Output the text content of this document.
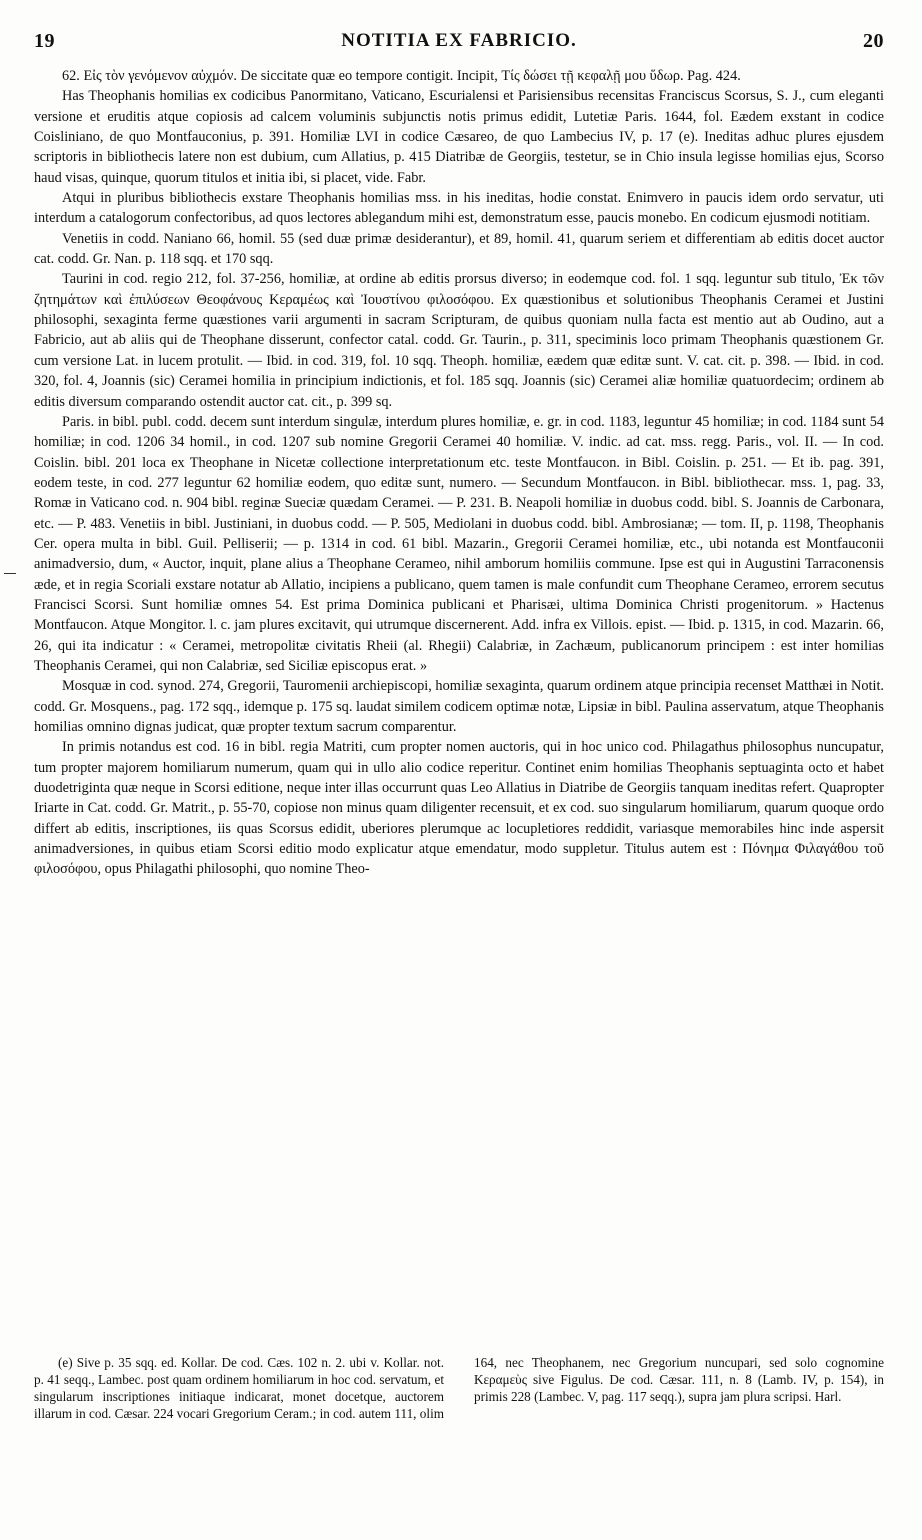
19	NOTITIA EX FABRICIO.	20

62. Εἰς τὸν γενόμενον αὐχμόν. De siccitate quæ eo tempore contigit. Incipit, Τίς δώσει τῇ κεφαλῇ μου ὕδωρ. Pag. 424.

Has Theophanis homilias ex codicibus Panormitano, Vaticano, Escurialensi et Parisiensibus recensitas Franciscus Scorsus, S. J., cum eleganti versione et eruditis atque copiosis ad calcem voluminis subjunctis notis primus edidit, Lutetiæ Paris. 1644, fol. Eædem exstant in codice Coisliniano, de quo Montfauconius, p. 391. Homiliæ LVI in codice Cæsareo, de quo Lambecius IV, p. 17 (e). Ineditas adhuc plures ejusdem scriptoris in bibliothecis latere non est dubium, cum Allatius, p. 415 Diatribæ de Georgiis, testetur, se in Chio insula legisse homilias ejus, Scorso haud visas, quinque, quorum titulos et initia ibi, si placet, vide. Fabr.

Atqui in pluribus bibliothecis exstare Theophanis homilias mss. in his ineditas, hodie constat. Enimvero in paucis idem ordo servatur, uti interdum a catalogorum confectoribus, ad quos lectores ablegandum mihi est, demonstratum esse, paucis monebo. En codicum ejusmodi notitiam.

Venetiis in codd. Naniano 66, homil. 55 (sed duæ primæ desiderantur), et 89, homil. 41, quarum seriem et differentiam ab editis docet auctor cat. codd. Gr. Nan. p. 118 sqq. et 170 sqq.

Taurini in cod. regio 212, fol. 37-256, homiliæ, at ordine ab editis prorsus diverso; in eodemque cod. fol. 1 sqq. leguntur sub titulo, Ἐκ τῶν ζητημάτων καὶ ἐπιλύσεων Θεοφάνους Κεραμέως καὶ Ἰουστίνου φιλοσόφου. Ex quæstionibus et solutionibus Theophanis Ceramei et Justini philosophi, sexaginta ferme quæstiones varii argumenti in sacram Scripturam, de quibus quoniam nulla facta est mentio aut ab Oudino, aut a Fabricio, aut ab aliis qui de Theophane disserunt, confector catal. codd. Gr. Taurin., p. 311, speciminis loco primam Theophanis quæstionem Gr. cum versione Lat. in lucem protulit. — Ibid. in cod. 319, fol. 10 sqq. Theoph. homiliæ, eædem quæ editæ sunt. V. cat. cit. p. 398. — Ibid. in cod. 320, fol. 4, Joannis (sic) Ceramei homilia in principium indictionis, et fol. 185 sqq. Joannis (sic) Ceramei aliæ homiliæ quatuordecim; ordinem ab editis diversum comparando ostendit auctor cat. cit., p. 399 sq.

Paris. in bibl. publ. codd. decem sunt interdum singulæ, interdum plures homiliæ, e. gr. in cod. 1183, leguntur 45 homiliæ; in cod. 1184 sunt 54 homiliæ; in cod. 1206 34 homil., in cod. 1207 sub nomine Gregorii Ceramei 40 homiliæ. V. indic. ad cat. mss. regg. Paris., vol. II. — In cod. Coislin. bibl. 201 loca ex Theophane in Nicetæ collectione interpretationum etc. teste Montfaucon. in Bibl. Coislin. p. 251. — Et ib. pag. 391, eodem teste, in cod. 277 leguntur 62 homiliæ eodem, quo editæ sunt, numero. — Secundum Montfaucon. in Bibl. bibliothecar. mss. 1, pag. 33, Romæ in Vaticano cod. n. 904 bibl. reginæ Sueciæ quædam Ceramei. — P. 231. B. Neapoli homiliæ in duobus codd. bibl. S. Joannis de Carbonara, etc. — P. 483. Venetiis in bibl. Justiniani, in duobus codd. — P. 505, Mediolani in duobus codd. bibl. Ambrosianæ; — tom. II, p. 1198, Theophanis Cer. opera multa in bibl. Guil. Pelliserii; — p. 1314 in cod. 61 bibl. Mazarin., Gregorii Ceramei homiliæ, etc., ubi notanda est Montfauconii animadversio, dum, « Auctor, inquit, plane alius a Theophane Cerameo, nihil amborum homiliis commune. Ipse est qui in Augustini Tarraconensis æde, et in regia Scoriali exstare notatur ab Allatio, incipiens a publicano, quem tamen is male confundit cum Theophane Cerameo, errorem secutus Francisci Scorsi. Sunt homiliæ omnes 54. Est prima Dominica publicani et Pharisæi, ultima Dominica Christi progenitorum. » Hactenus Montfaucon. Atque Mongitor. l. c. jam plures excitavit, qui utrumque discernerent. Add. infra ex Villois. epist. — Ibid. p. 1315, in cod. Mazarin. 66, 26, qui ita indicatur : « Ceramei, metropolitæ civitatis Rheii (al. Rhegii) Calabriæ, in Zachæum, publicanorum principem : est inter homilias Theophanis Ceramei, qui non Calabriæ, sed Siciliæ episcopus erat. »

Mosquæ in cod. synod. 274, Gregorii, Tauromenii archiepiscopi, homiliæ sexaginta, quarum ordinem atque principia recenset Matthæi in Notit. codd. Gr. Mosquens., pag. 172 sqq., idemque p. 175 sq. laudat similem codicem optimæ notæ, Lipsiæ in bibl. Paulina asservatum, atque Theophanis homilias omnino dignas judicat, quæ propter textum sacrum comparentur.

In primis notandus est cod. 16 in bibl. regia Matriti, cum propter nomen auctoris, qui in hoc unico cod. Philagathus philosophus nuncupatur, tum propter majorem homiliarum numerum, quam qui in ullo alio codice reperitur. Continet enim homilias Theophanis septuaginta octo et habet duodetriginta quæ neque in Scorsi editione, neque inter illas occurrunt quas Leo Allatius in Diatribe de Georgiis tanquam ineditas refert. Quapropter Iriarte in Cat. codd. Gr. Matrit., p. 55-70, copiose non minus quam diligenter recensuit, et ex cod. suo singularum homiliarum, quarum quoque ordo differt ab editis, inscriptiones, iis quas Scorsus edidit, uberiores plerumque ac locupletiores reddidit, variasque memorabiles hinc inde aspersit animadversiones, in quibus etiam Scorsi editio modo explicatur atque emendatur, modo suppletur. Titulus autem est : Πόνημα Φιλαγάθου τοῦ φιλοσόφου, opus Philagathi philosophi, quo nomine Theo-

(e) Sive p. 35 sqq. ed. Kollar. De cod. Cæs. 102 n. 2. ubi v. Kollar. not. p. 41 seqq., Lambec. post quam ordinem homiliarum in hoc cod. servatum, et singularum inscriptiones initiaque indicarat, monet docetque, auctorem illarum in cod. Cæsar. 224 vocari Gregorium Ceram.; in cod. autem 111, olim 164, nec Theophanem, nec Gregorium nuncupari, sed solo cognomine Κεραμεὺς sive Figulus. De cod. Cæsar. 111, n. 8 (Lamb. IV, p. 154), in primis 228 (Lambec. V, pag. 117 seqq.), supra jam plura scripsi. Harl.
